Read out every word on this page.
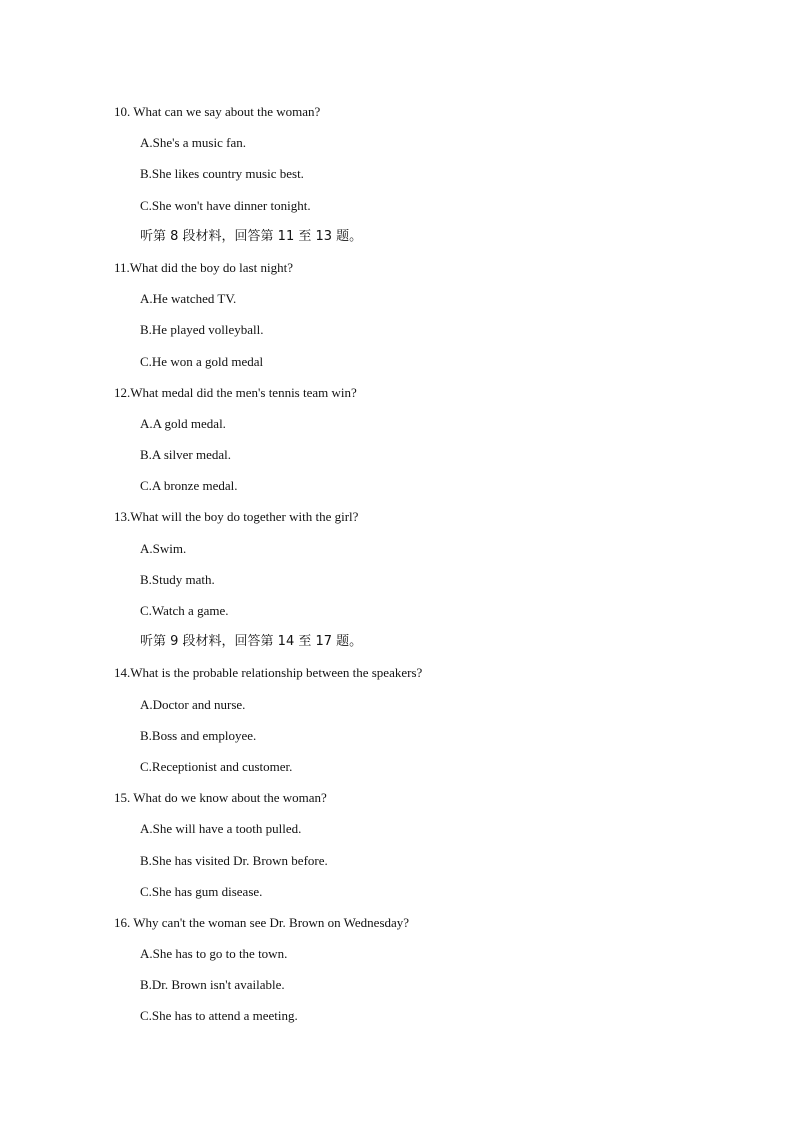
10. What can we say about the woman?
A.She's a music fan.
B.She likes country music best.
C.She won't have dinner tonight.
听第 8 段材料，回答第 11 至 13 题。
11.What did the boy do last night?
A.He watched TV.
B.He played volleyball.
C.He won a gold medal
12.What medal did the men's tennis team win?
A.A gold medal.
B.A silver medal.
C.A bronze medal.
13.What will the boy do together with the girl?
A.Swim.
B.Study math.
C.Watch a game.
听第 9 段材料，回答第 14 至 17 题。
14.What is the probable relationship between the speakers?
A.Doctor and nurse.
B.Boss and employee.
C.Receptionist and customer.
15. What do we know about the woman?
A.She will have a tooth pulled.
B.She has visited Dr. Brown before.
C.She has gum disease.
16. Why can't the woman see Dr. Brown on Wednesday?
A.She has to go to the town.
B.Dr. Brown isn't available.
C.She has to attend a meeting.
